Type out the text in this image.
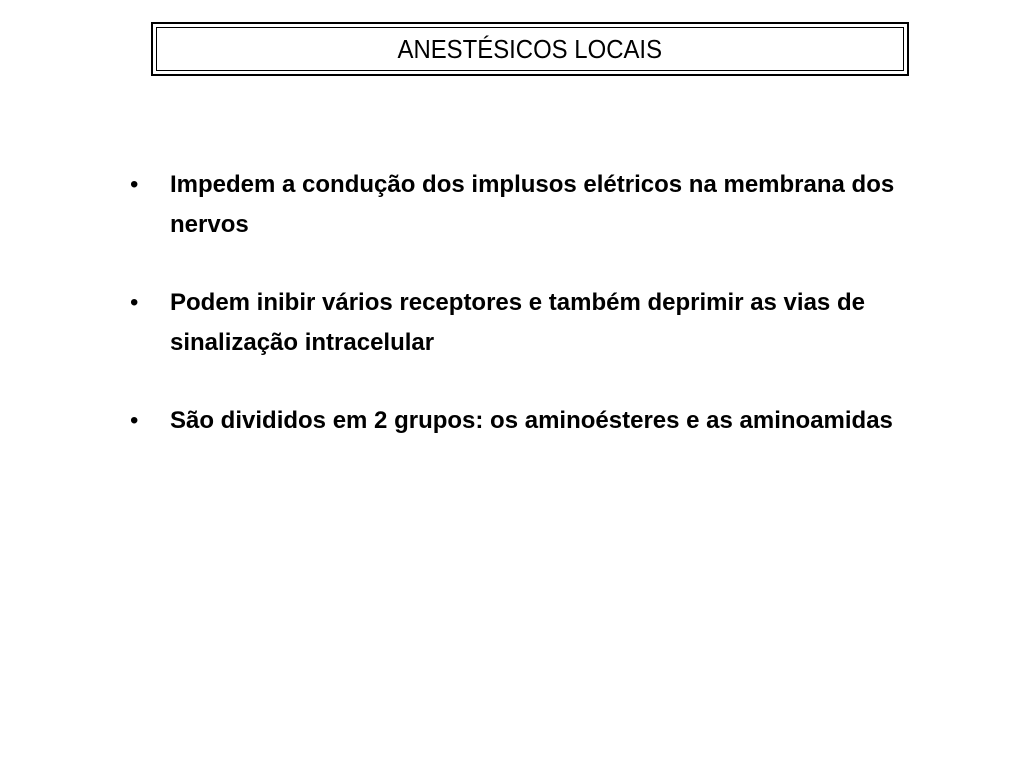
ANESTÉSICOS LOCAIS
• Impedem a condução dos implusos elétricos na membrana dos nervos
• Podem inibir vários receptores e também deprimir as vias de sinalização intracelular
• São divididos em 2 grupos: os aminoésteres e as aminoamidas
